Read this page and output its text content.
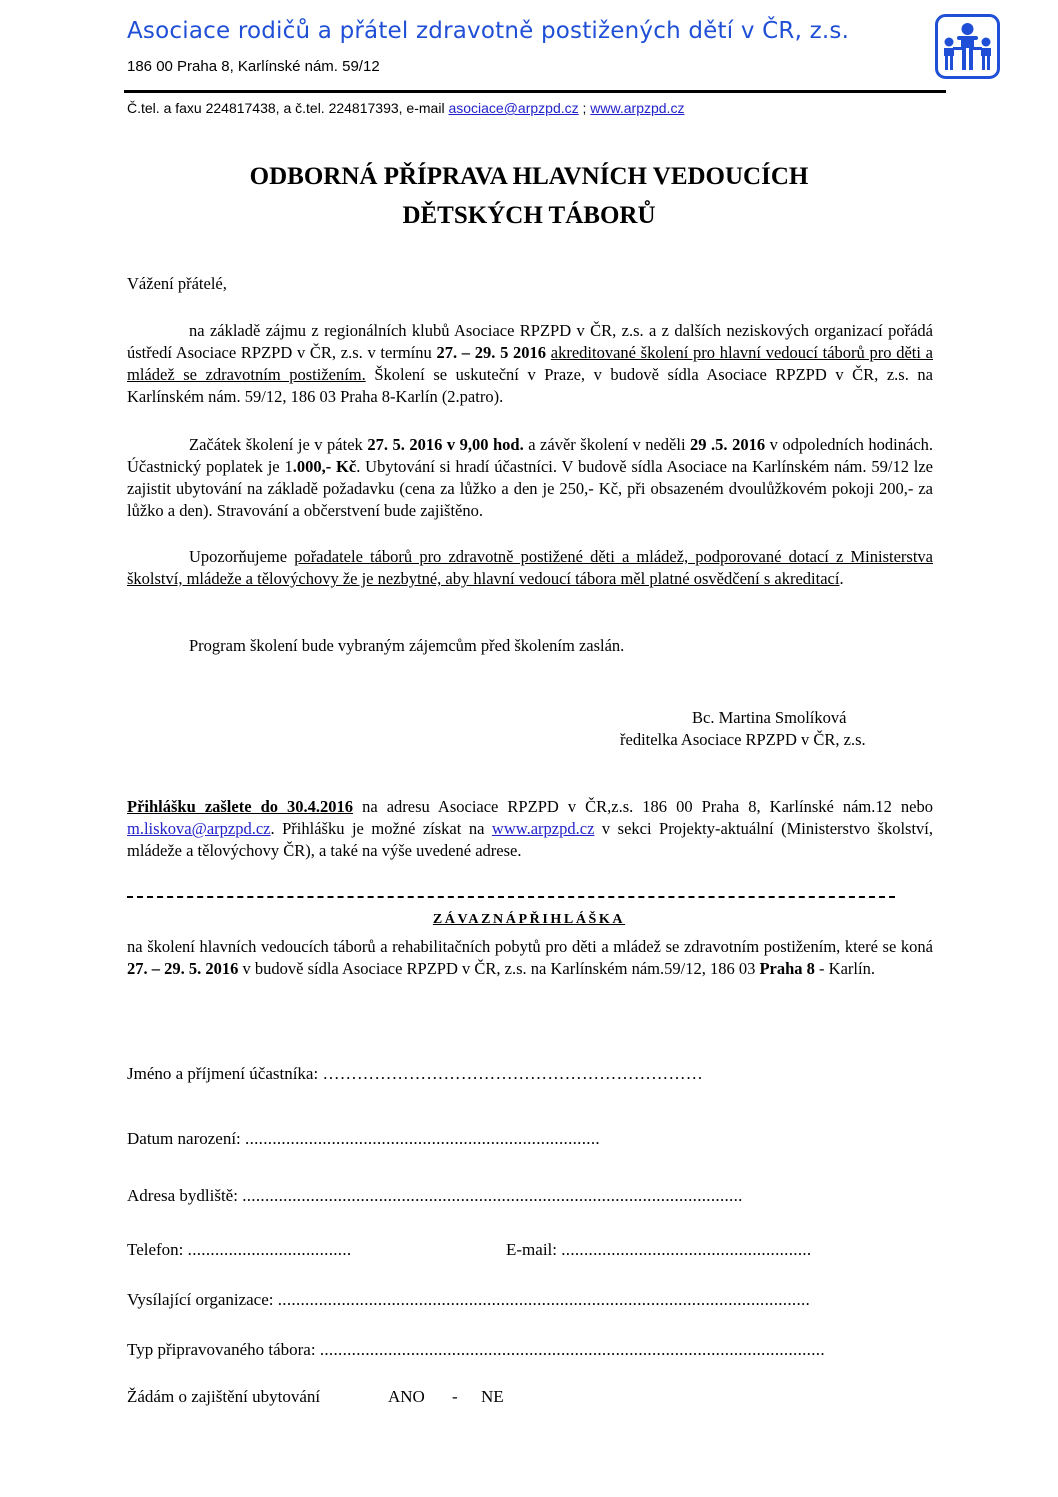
Asociace rodičů a přátel zdravotně postižených dětí v ČR, z.s.
186 00 Praha 8, Karlínské nám. 59/12
Č.tel. a faxu 224817438, a č.tel. 224817393, e-mail asociace@arpzpd.cz ; www.arpzpd.cz
ODBORNÁ PŘÍPRAVA HLAVNÍCH VEDOUCÍCH
DĚTSKÝCH TÁBORŮ
Vážení přátelé,
na základě zájmu z regionálních klubů Asociace RPZPD v ČR, z.s. a z dalších neziskových organizací pořádá ústředí Asociace RPZPD v ČR, z.s. v termínu 27. – 29. 5 2016 akreditované školení pro hlavní vedoucí táborů pro děti a mládež se zdravotním postižením. Školení se uskuteční v Praze, v budově sídla Asociace RPZPD v ČR, z.s. na Karlínském nám. 59/12, 186 03 Praha 8-Karlín (2.patro).
Začátek školení je v pátek 27. 5. 2016 v 9,00 hod. a závěr školení v neděli 29 .5. 2016 v odpoledních hodinách. Účastnický poplatek je 1.000,- Kč. Ubytování si hradí účastníci. V budově sídla Asociace na Karlínském nám. 59/12 lze zajistit ubytování na základě požadavku (cena za lůžko a den je 250,- Kč, při obsazeném dvoulůžkovém pokoji 200,- za lůžko a den). Stravování a občerstvení bude zajištěno.
Upozorňujeme pořadatele táborů pro zdravotně postižené děti a mládež, podporované dotací z Ministerstva školství, mládeže a tělovýchovy že je nezbytné, aby hlavní vedoucí tábora měl platné osvědčení s akreditací.
Program školení bude vybraným zájemcům před školením zaslán.
Bc. Martina Smolíková
ředitelka Asociace RPZPD v ČR, z.s.
Přihlášku zašlete do 30.4.2016 na adresu Asociace RPZPD v ČR,z.s. 186 00 Praha 8, Karlínské nám.12 nebo m.liskova@arpzpd.cz. Přihlášku je možné získat na www.arpzpd.cz v sekci Projekty-aktuální (Ministerstvo školství, mládeže a tělovýchovy ČR), a také na výše uvedené adrese.
ZÁVAZNÁPŘIHLÁŠKA
na školení hlavních vedoucích táborů a rehabilitačních pobytů pro děti a mládež se zdravotním postižením, které se koná 27. – 29. 5. 2016 v budově sídla Asociace RPZPD v ČR, z.s. na Karlínském nám.59/12, 186 03 Praha 8 - Karlín.
Jméno a příjmení účastníka: …………………………………………………………
Datum narození: ..............................................................................
Adresa bydliště: ..............................................................................................................
Telefon: ....................................	E-mail: .......................................................
Vysílající organizace: .....................................................................................................................
Typ připravovaného tábora: ...............................................................................................................
Žádám o zajištění ubytování	ANO - NE
